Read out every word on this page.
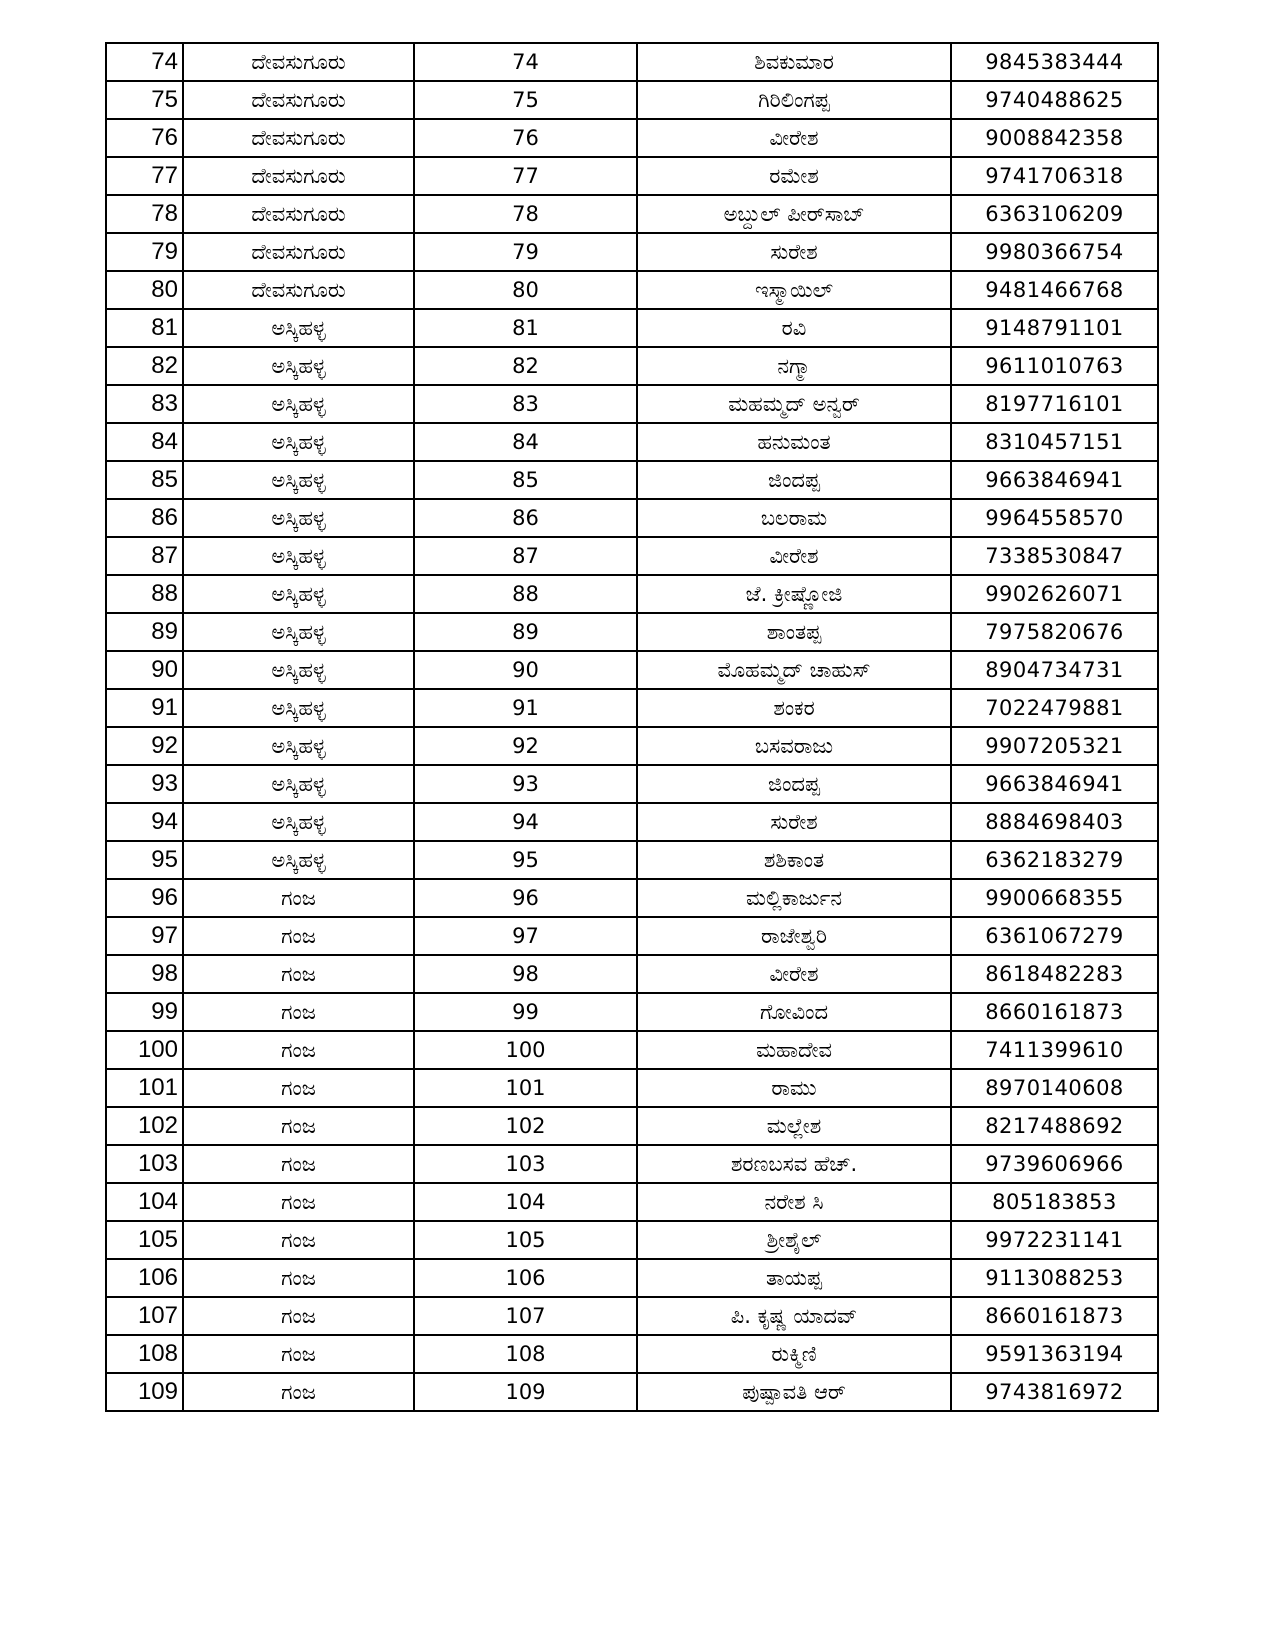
74	ದೇವಸುಗೂರು	74	ಶಿವಕುಮಾರ	9845383444
75	ದೇವಸುಗೂರು	75	ಗಿರಿಲಿಂಗಪ್ಪ	9740488625
76	ದೇವಸುಗೂರು	76	ವೀರೇಶ	9008842358
77	ದೇವಸುಗೂರು	77	ರಮೇಶ	9741706318
78	ದೇವಸುಗೂರು	78	ಅಬ್ದುಲ್ ಪೀರ್‌ಸಾಬ್	6363106209
79	ದೇವಸುಗೂರು	79	ಸುರೇಶ	9980366754
80	ದೇವಸುಗೂರು	80	ಇಸ್ಮಾಯಿಲ್	9481466768
81	ಅಸ್ಕಿಹಳ್ಳ	81	ರವಿ	9148791101
82	ಅಸ್ಕಿಹಳ್ಳ	82	ನಗ್ಮಾ	9611010763
83	ಅಸ್ಕಿಹಳ್ಳ	83	ಮಹಮ್ಮದ್ ಅನ್ವರ್	8197716101
84	ಅಸ್ಕಿಹಳ್ಳ	84	ಹನುಮಂತ	8310457151
85	ಅಸ್ಕಿಹಳ್ಳ	85	ಜಿಂದಪ್ಪ	9663846941
86	ಅಸ್ಕಿಹಳ್ಳ	86	ಬಲರಾಮ	9964558570
87	ಅಸ್ಕಿಹಳ್ಳ	87	ವೀರೇಶ	7338530847
88	ಅಸ್ಕಿಹಳ್ಳ	88	ಜೆ. ಕ್ರೀಷ್ಣೋಜಿ	9902626071
89	ಅಸ್ಕಿಹಳ್ಳ	89	ಶಾಂತಪ್ಪ	7975820676
90	ಅಸ್ಕಿಹಳ್ಳ	90	ಮೊಹಮ್ಮದ್ ಚಾಹುಸ್	8904734731
91	ಅಸ್ಕಿಹಳ್ಳ	91	ಶಂಕರ	7022479881
92	ಅಸ್ಕಿಹಳ್ಳ	92	ಬಸವರಾಜು	9907205321
93	ಅಸ್ಕಿಹಳ್ಳ	93	ಜಿಂದಪ್ಪ	9663846941
94	ಅಸ್ಕಿಹಳ್ಳ	94	ಸುರೇಶ	8884698403
95	ಅಸ್ಕಿಹಳ್ಳ	95	ಶಶಿಕಾಂತ	6362183279
96	ಗಂಜ	96	ಮಲ್ಲಿಕಾರ್ಜುನ	9900668355
97	ಗಂಜ	97	ರಾಜೇಶ್ವರಿ	6361067279
98	ಗಂಜ	98	ವೀರೇಶ	8618482283
99	ಗಂಜ	99	ಗೋವಿಂದ	8660161873
100	ಗಂಜ	100	ಮಹಾದೇವ	7411399610
101	ಗಂಜ	101	ರಾಮು	8970140608
102	ಗಂಜ	102	ಮಲ್ಲೇಶ	8217488692
103	ಗಂಜ	103	ಶರಣಬಸವ ಹೆಚ್.	9739606966
104	ಗಂಜ	104	ನರೇಶ ಸಿ	805183853
105	ಗಂಜ	105	ಶ್ರೀಶೈಲ್	9972231141
106	ಗಂಜ	106	ತಾಯಪ್ಪ	9113088253
107	ಗಂಜ	107	ಪಿ. ಕೃಷ್ಣ ಯಾದವ್	8660161873
108	ಗಂಜ	108	ರುಕ್ಮಿಣಿ	9591363194
109	ಗಂಜ	109	ಪುಷ್ಪಾವತಿ ಆರ್	9743816972
